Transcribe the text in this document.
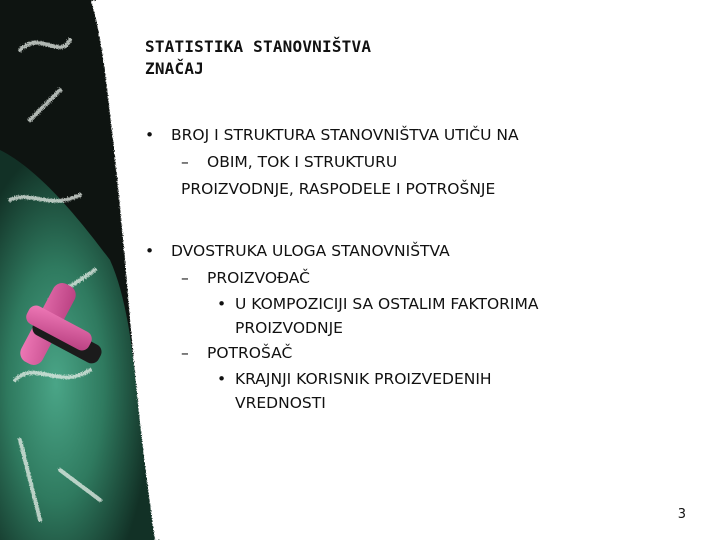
STATISTIKA STANOVNIŠTVA
ZNAČAJ
• BROJ I STRUKTURA STANOVNIŠTVA UTIČU NA
– OBIM, TOK I STRUKTURU
PROIZVODNJE, RASPODELE I POTROŠNJE
• DVOSTRUKA ULOGA STANOVNIŠTVA
– PROIZVOĐAČ
• U KOMPOZICIJI SA OSTALIM FAKTORIMA
PROIZVODNJE
– POTROŠAČ
• KRAJNJI KORISNIK PROIZVEDENIH
VREDNOSTI
3
